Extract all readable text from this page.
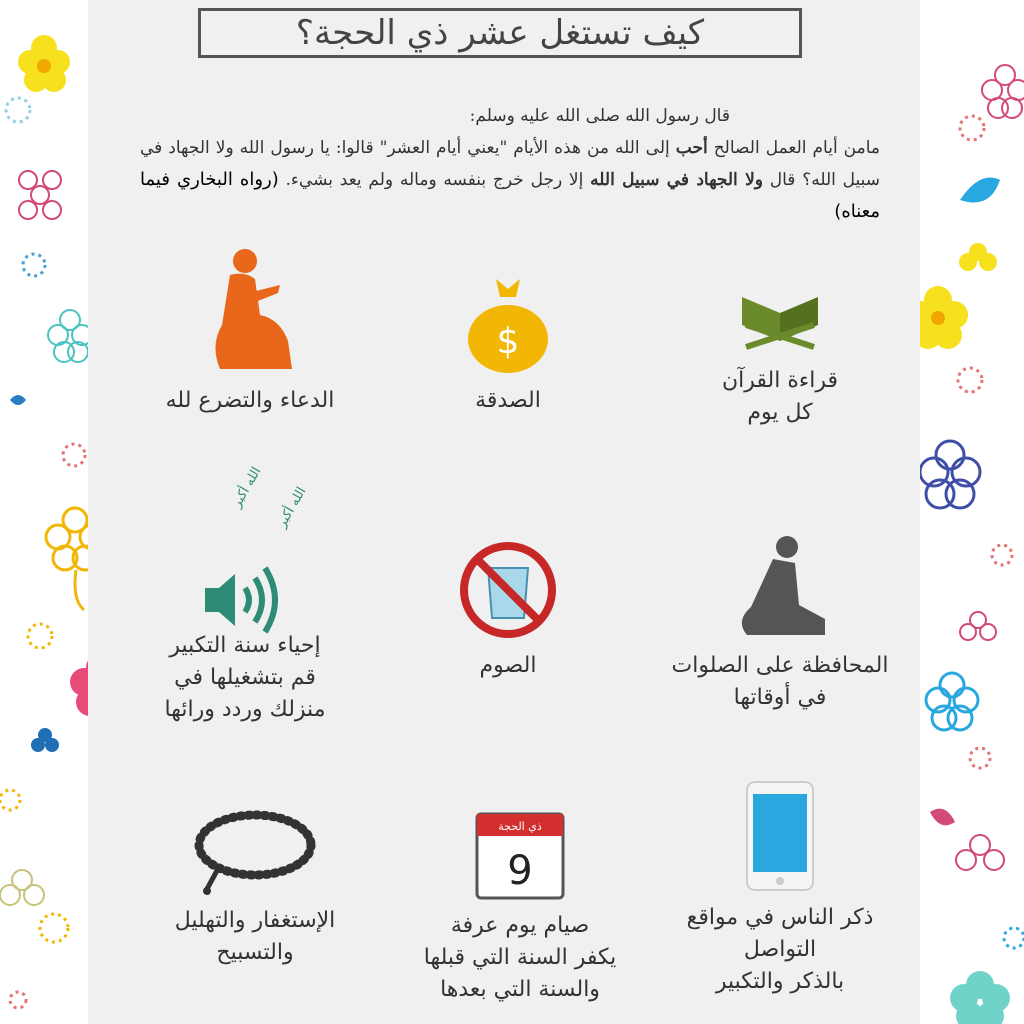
كيف تستغل عشر ذي الحجة؟
قال رسول الله صلى الله عليه وسلم:
مامن أيام العمل الصالح أحب إلى الله من هذه الأيام "يعني أيام العشر" قالوا: يا رسول الله ولا الجهاد في سبيل الله؟ قال ولا الجهاد في سبيل الله إلا رجل خرج بنفسه وماله ولم يعد بشيء. (رواه البخاري فيما معناه)
قراءة القرآن
كل يوم
$
الصدقة
الدعاء والتضرع لله
المحافظة على الصلوات
في أوقاتها
الصوم
الله أكبر الله أكبر
إحياء سنة التكبير
قم بتشغيلها في
منزلك وردد ورائها
ذكر الناس في مواقع
التواصل
بالذكر والتكبير
ذي الحجة
9
صيام يوم عرفة
يكفر السنة التي قبلها
والسنة التي بعدها
الإستغفار والتهليل
والتسبيح
